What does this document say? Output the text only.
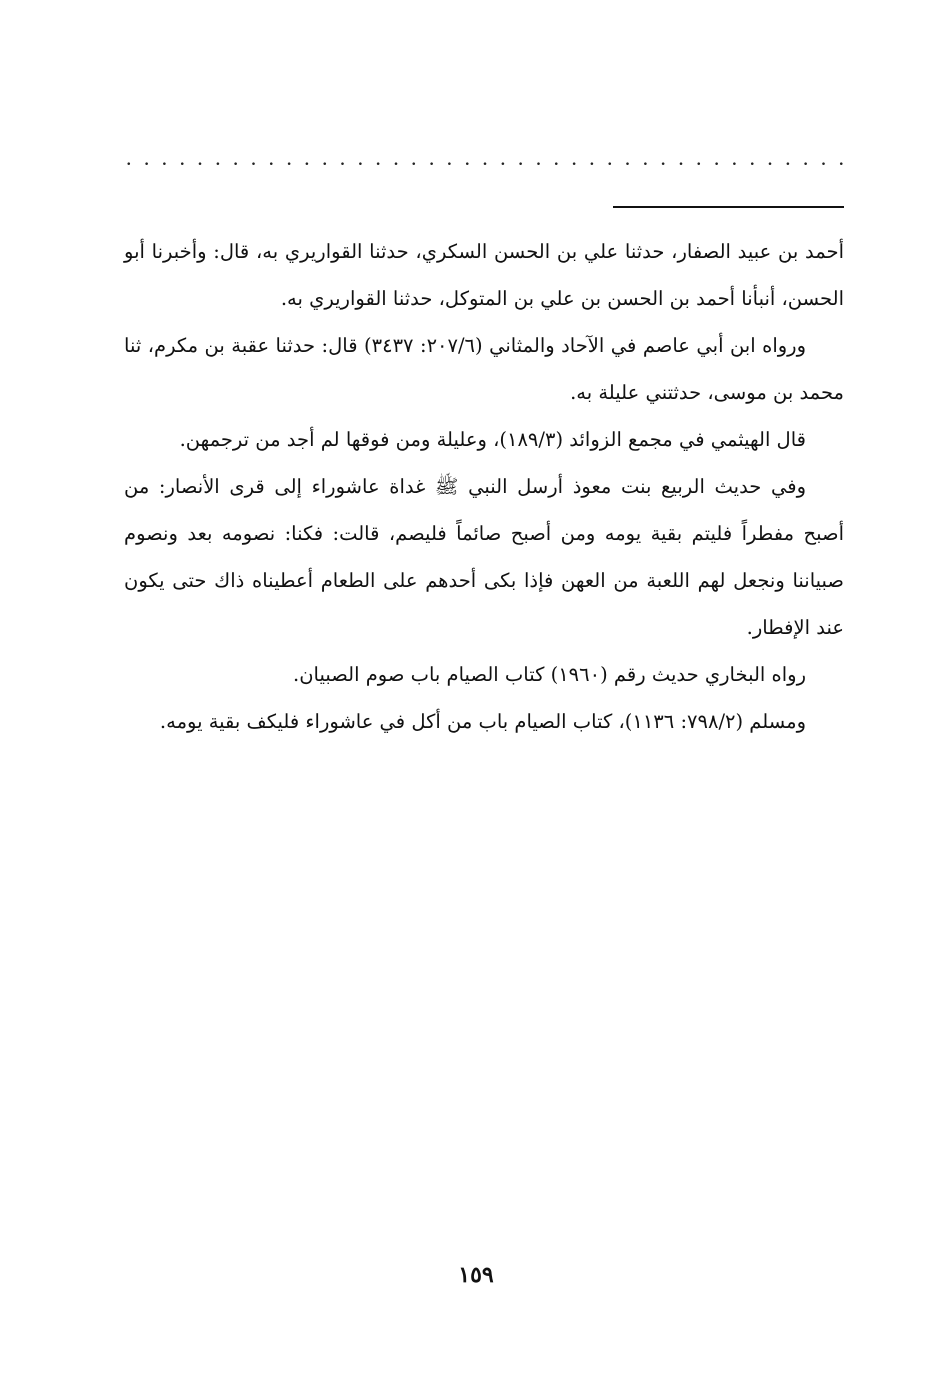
. . . . . . . . . . . . . . . . . . . . . . . . . . . . . . . . . . . . . . . . .

أحمد بن عبيد الصفار، حدثنا علي بن الحسن السكري، حدثنا القواريري به، قال: وأخبرنا أبو الحسن، أنبأنا أحمد بن الحسن بن علي بن المتوكل، حدثنا القواريري به.

ورواه ابن أبي عاصم في الآحاد والمثاني (٢٠٧/٦: ٣٤٣٧) قال: حدثنا عقبة بن مكرم، ثنا محمد بن موسى، حدثتني عليلة به.

قال الهيثمي في مجمع الزوائد (١٨٩/٣)، وعليلة ومن فوقها لم أجد من ترجمهن.

وفي حديث الربيع بنت معوذ أرسل النبي ﷺ غداة عاشوراء إلى قرى الأنصار: من أصبح مفطراً فليتم بقية يومه ومن أصبح صائماً فليصم، قالت: فكنا: نصومه بعد ونصوم صبياننا ونجعل لهم اللعبة من العهن فإذا بكى أحدهم على الطعام أعطيناه ذاك حتى يكون عند الإفطار.

رواه البخاري حديث رقم (١٩٦٠) كتاب الصيام باب صوم الصبيان.

ومسلم (٧٩٨/٢: ١١٣٦)، كتاب الصيام باب من أكل في عاشوراء فليكف بقية يومه.

١٥٩
